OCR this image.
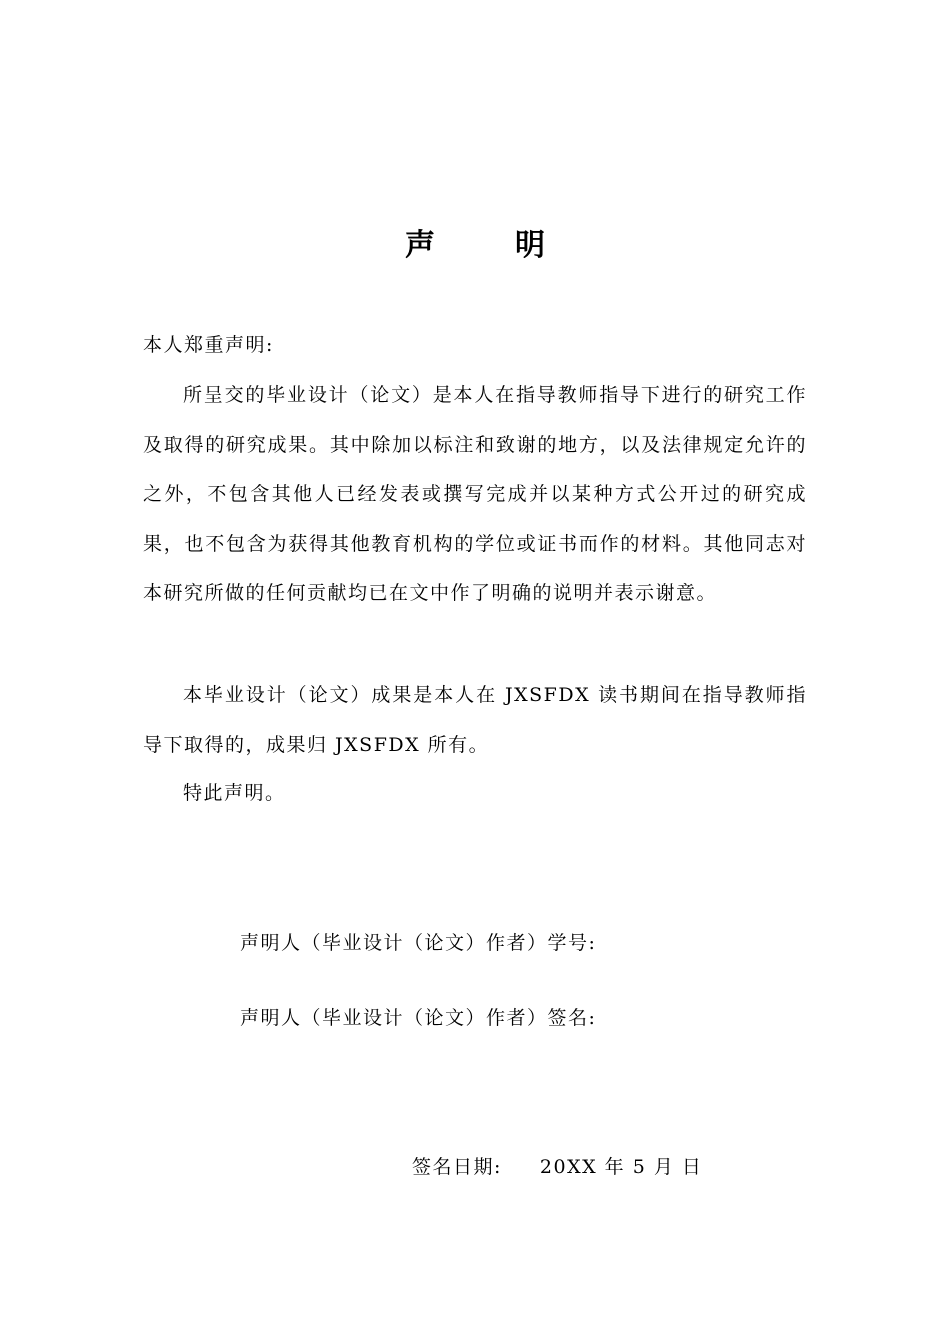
声明
本人郑重声明:
所呈交的毕业设计（论文）是本人在指导教师指导下进行的研究工作及取得的研究成果。其中除加以标注和致谢的地方，以及法律规定允许的之外，不包含其他人已经发表或撰写完成并以某种方式公开过的研究成果，也不包含为获得其他教育机构的学位或证书而作的材料。其他同志对本研究所做的任何贡献均已在文中作了明确的说明并表示谢意。
本毕业设计（论文）成果是本人在 JXSFDX 读书期间在指导教师指导下取得的，成果归 JXSFDX 所有。
特此声明。
声明人（毕业设计（论文）作者）学号:
声明人（毕业设计（论文）作者）签名:
签名日期: 20XX 年 5 月 日
